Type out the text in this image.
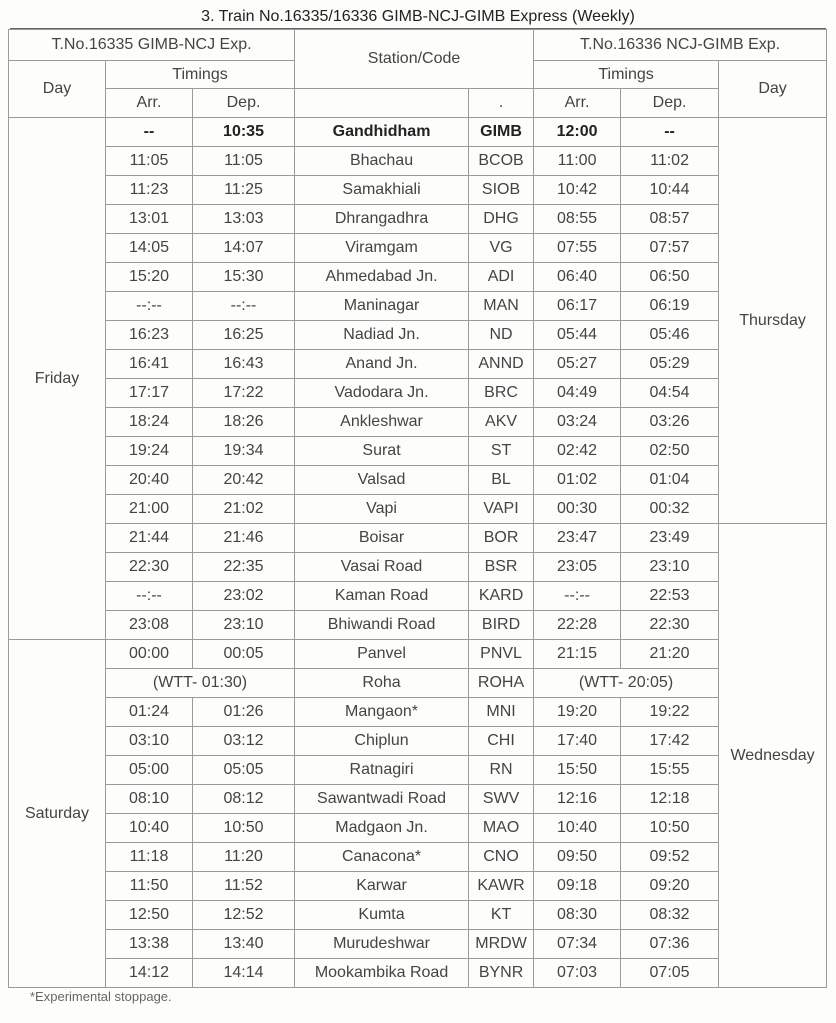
3. Train No.16335/16336 GIMB-NCJ-GIMB Express (Weekly)
T.No.16335 GIMB-NCJ Exp.			Station/Code		T.No.16336 NCJ-GIMB Exp.		
Day	Timings				Timings		Day
	Arr.	Dep.		.	Arr.	Dep.	
Friday	--	10:35	Gandhidham	GIMB	12:00	--	Thursday
	11:05	11:05	Bhachau	BCOB	11:00	11:02	
	11:23	11:25	Samakhiali	SIOB	10:42	10:44	
	13:01	13:03	Dhrangadhra	DHG	08:55	08:57	
	14:05	14:07	Viramgam	VG	07:55	07:57	
	15:20	15:30	Ahmedabad Jn.	ADI	06:40	06:50	
	--:--	--:--	Maninagar	MAN	06:17	06:19	
	16:23	16:25	Nadiad Jn.	ND	05:44	05:46	
	16:41	16:43	Anand Jn.	ANND	05:27	05:29	
	17:17	17:22	Vadodara Jn.	BRC	04:49	04:54	
	18:24	18:26	Ankleshwar	AKV	03:24	03:26	
	19:24	19:34	Surat	ST	02:42	02:50	
	20:40	20:42	Valsad	BL	01:02	01:04	
	21:00	21:02	Vapi	VAPI	00:30	00:32	
	21:44	21:46	Boisar	BOR	23:47	23:49	Wednesday
	22:30	22:35	Vasai Road	BSR	23:05	23:10	
	--:--	23:02	Kaman Road	KARD	--:--	22:53	
	23:08	23:10	Bhiwandi Road	BIRD	22:28	22:30	
Saturday	00:00	00:05	Panvel	PNVL	21:15	21:20	
	(WTT- 01:30)		Roha	ROHA	(WTT- 20:05)		
	01:24	01:26	Mangaon*	MNI	19:20	19:22	
	03:10	03:12	Chiplun	CHI	17:40	17:42	
	05:00	05:05	Ratnagiri	RN	15:50	15:55	
	08:10	08:12	Sawantwadi Road	SWV	12:16	12:18	
	10:40	10:50	Madgaon Jn.	MAO	10:40	10:50	
	11:18	11:20	Canacona*	CNO	09:50	09:52	
	11:50	11:52	Karwar	KAWR	09:18	09:20	
	12:50	12:52	Kumta	KT	08:30	08:32	
	13:38	13:40	Murudeshwar	MRDW	07:34	07:36	
	14:12	14:14	Mookambika Road	BYNR	07:03	07:05	
*Experimental stoppage.
